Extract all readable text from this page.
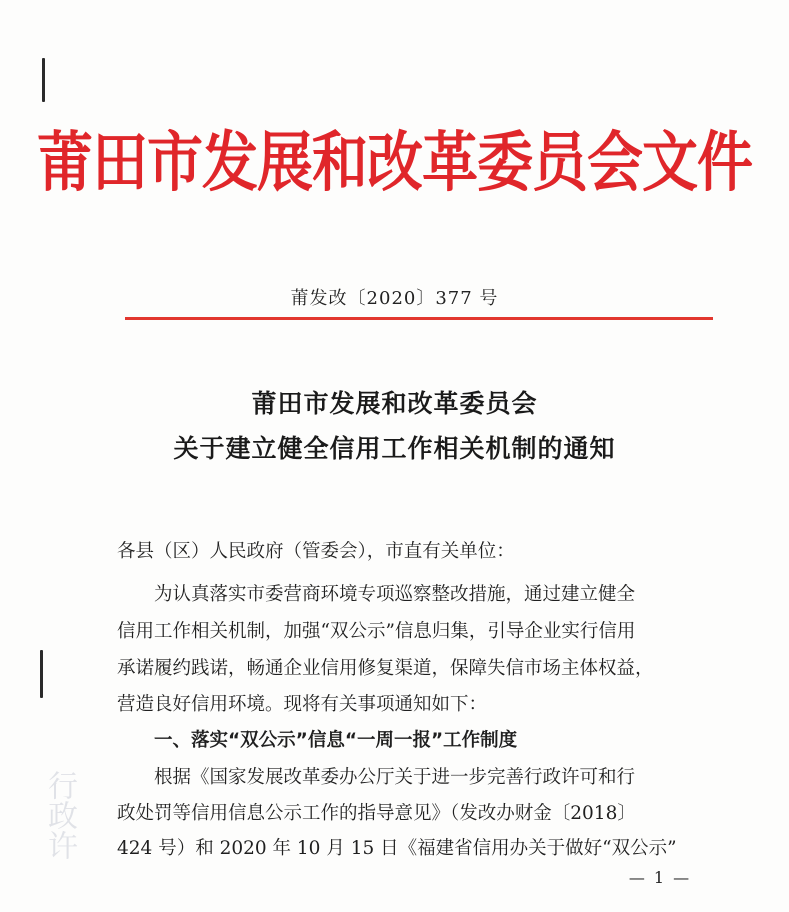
行政许
莆田市发展和改革委员会文件
莆发改〔2020〕377 号
莆田市发展和改革委员会
关于建立健全信用工作相关机制的通知
各县（区）人民政府（管委会），市直有关单位：
为认真落实市委营商环境专项巡察整改措施，通过建立健全
信用工作相关机制，加强“双公示”信息归集，引导企业实行信用
承诺履约践诺，畅通企业信用修复渠道，保障失信市场主体权益，
营造良好信用环境。现将有关事项通知如下：
一、落实“双公示”信息“一周一报”工作制度
根据《国家发展改革委办公厅关于进一步完善行政许可和行
政处罚等信用信息公示工作的指导意见》（发改办财金〔2018〕
424 号）和 2020 年 10 月 15 日《福建省信用办关于做好“双公示”
— 1 —
